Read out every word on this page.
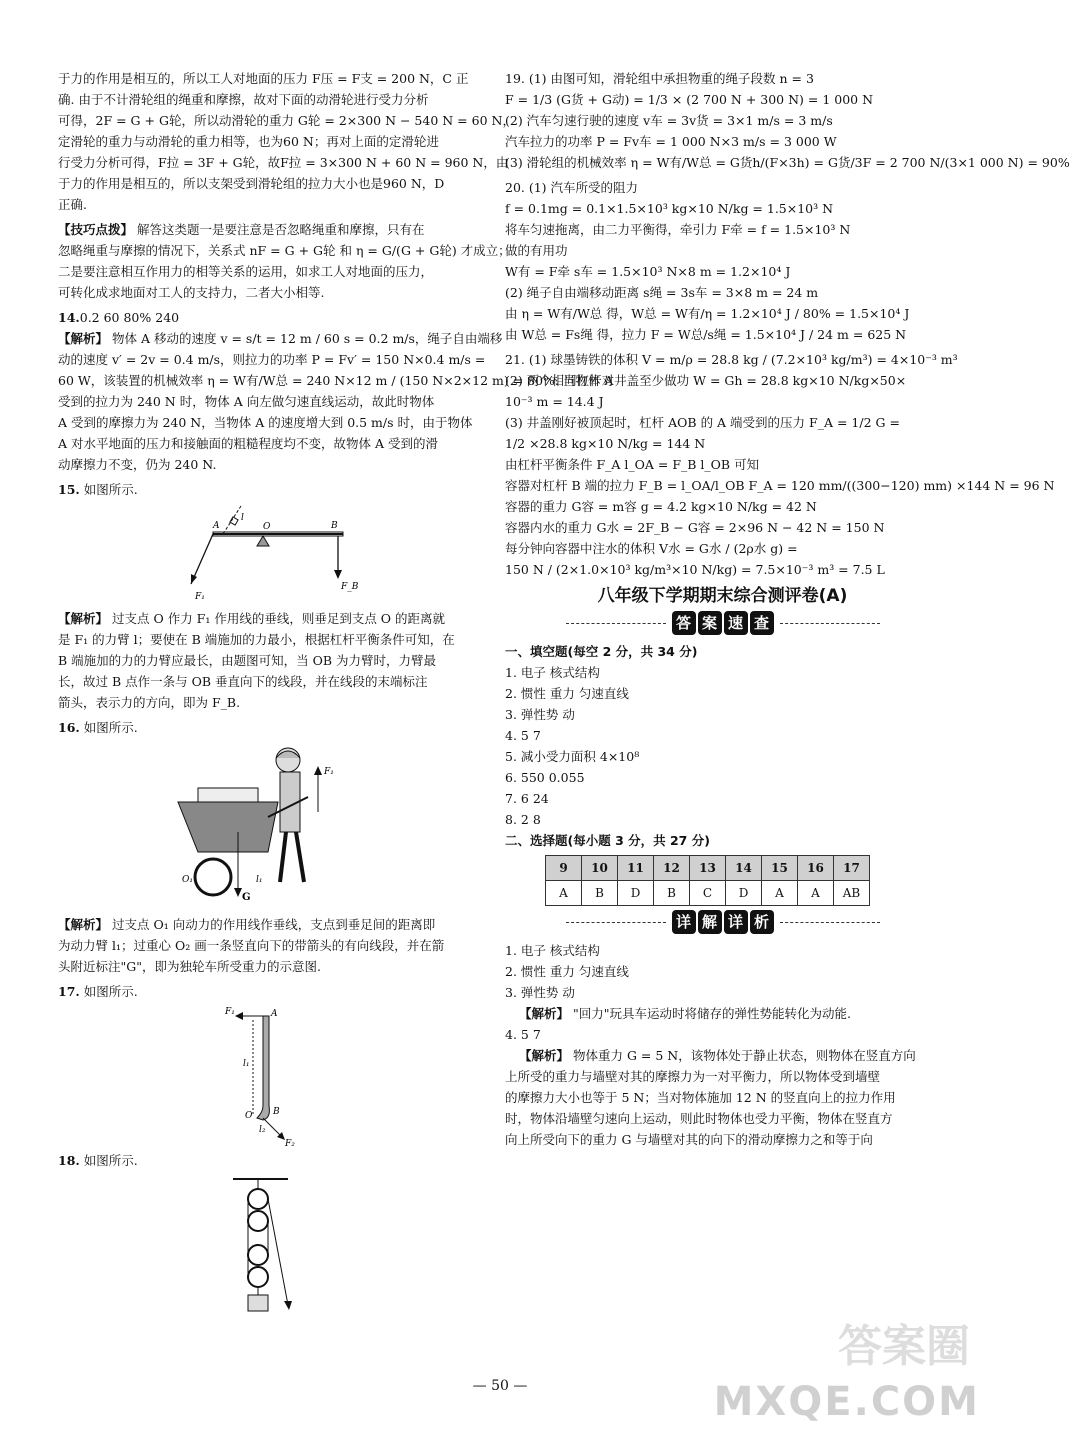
于力的作用是相互的，所以工人对地面的压力 F压 = F支 = 200 N，C 正
确. 由于不计滑轮组的绳重和摩擦，故对下面的动滑轮进行受力分析
可得，2F = G + G轮，所以动滑轮的重力 G轮 = 2×300 N − 540 N = 60 N，
定滑轮的重力与动滑轮的重力相等，也为60 N；再对上面的定滑轮进
行受力分析可得，F拉 = 3F + G轮，故F拉 = 3×300 N + 60 N = 960 N，由
于力的作用是相互的，所以支架受到滑轮组的拉力大小也是960 N，D
正确.
【技巧点拨】 解答这类题一是要注意是否忽略绳重和摩擦，只有在
忽略绳重与摩擦的情况下，关系式 nF = G + G轮 和 η = G/(G + G轮) 才成立；
二是要注意相互作用力的相等关系的运用，如求工人对地面的压力，
可转化成求地面对工人的支持力，二者大小相等.
14.0.2 60 80% 240
【解析】 物体 A 移动的速度 v = s/t = 12 m / 60 s = 0.2 m/s，绳子自由端移
动的速度 v′ = 2v = 0.4 m/s，则拉力的功率 P = Fv′ = 150 N×0.4 m/s =
60 W，该装置的机械效率 η = W有/W总 = 240 N×12 m / (150 N×2×12 m) = 80%. 当物体 A
受到的拉力为 240 N 时，物体 A 向左做匀速直线运动，故此时物体
A 受到的摩擦力为 240 N，当物体 A 的速度增大到 0.5 m/s 时，由于物体
A 对水平地面的压力和接触面的粗糙程度均不变，故物体 A 受到的滑
动摩擦力不变，仍为 240 N.
15. 如图所示.
A
l
O	B
F₁
F_B
【解析】 过支点 O 作力 F₁ 作用线的垂线，则垂足到支点 O 的距离就
是 F₁ 的力臂 l；要使在 B 端施加的力最小，根据杠杆平衡条件可知，在
B 端施加的力的力臂应最长，由题图可知，当 OB 为力臂时，力臂最
长，故过 B 点作一条与 OB 垂直向下的线段，并在线段的末端标注
箭头，表示力的方向，即为 F_B.
16. 如图所示.
F₁
G
O₁	l₁
【解析】 过支点 O₁ 向动力的作用线作垂线，支点到垂足间的距离即
为动力臂 l₁；过重心 O₂ 画一条竖直向下的带箭头的有向线段，并在箭
头附近标注"G"，即为独轮车所受重力的示意图.
17. 如图所示.
F₁	A
l₁
O B
l₂
F₂
18. 如图所示.
19. (1) 由图可知，滑轮组中承担物重的绳子段数 n = 3
F = 1/3 (G货 + G动) = 1/3 × (2 700 N + 300 N) = 1 000 N
(2) 汽车匀速行驶的速度 v车 = 3v货 = 3×1 m/s = 3 m/s
汽车拉力的功率 P = Fv车 = 1 000 N×3 m/s = 3 000 W
(3) 滑轮组的机械效率 η = W有/W总 = G货h/(F×3h) = G货/3F = 2 700 N/(3×1 000 N) = 90%
20. (1) 汽车所受的阻力
f = 0.1mg = 0.1×1.5×10³ kg×10 N/kg = 1.5×10³ N
将车匀速拖离，由二力平衡得，牵引力 F牵 = f = 1.5×10³ N
做的有用功
W有 = F牵 s车 = 1.5×10³ N×8 m = 1.2×10⁴ J
(2) 绳子自由端移动距离 s绳 = 3s车 = 3×8 m = 24 m
由 η = W有/W总 得，W总 = W有/η = 1.2×10⁴ J / 80% = 1.5×10⁴ J
由 W总 = Fs绳 得，拉力 F = W总/s绳 = 1.5×10⁴ J / 24 m = 625 N
21. (1) 球墨铸铁的体积 V = m/ρ = 28.8 kg / (7.2×10³ kg/m³) = 4×10⁻³ m³
(2) 两个相同杠杆对井盖至少做功 W = Gh = 28.8 kg×10 N/kg×50×
10⁻³ m = 14.4 J
(3) 井盖刚好被顶起时，杠杆 AOB 的 A 端受到的压力 F_A = 1/2 G =
1/2 ×28.8 kg×10 N/kg = 144 N
由杠杆平衡条件 F_A l_OA = F_B l_OB 可知
容器对杠杆 B 端的拉力 F_B = l_OA/l_OB F_A = 120 mm/((300−120) mm) ×144 N = 96 N
容器的重力 G容 = m容 g = 4.2 kg×10 N/kg = 42 N
容器内水的重力 G水 = 2F_B − G容 = 2×96 N − 42 N = 150 N
每分钟向容器中注水的体积 V水 = G水 / (2ρ水 g) =
150 N / (2×1.0×10³ kg/m³×10 N/kg) = 7.5×10⁻³ m³ = 7.5 L
八年级下学期期末综合测评卷(A)
答 案 速 查
一、填空题(每空 2 分，共 34 分)
1. 电子 核式结构
2. 惯性 重力 匀速直线
3. 弹性势 动
4. 5 7
5. 减小受力面积 4×10⁸
6. 550 0.055
7. 6 24
8. 2 8
二、选择题(每小题 3 分，共 27 分)
9	10	11	12	13	14	15	16	17
A	B	D	B	C	D	A	A	AB
详 解 详 析
1. 电子 核式结构
2. 惯性 重力 匀速直线
3. 弹性势 动
【解析】 "回力"玩具车运动时将储存的弹性势能转化为动能.
4. 5 7
【解析】 物体重力 G = 5 N，该物体处于静止状态，则物体在竖直方向
上所受的重力与墙壁对其的摩擦力为一对平衡力，所以物体受到墙壁
的摩擦力大小也等于 5 N；当对物体施加 12 N 的竖直向上的拉力作用
时，物体沿墙壁匀速向上运动，则此时物体也受力平衡，物体在竖直方
向上所受向下的重力 G 与墙壁对其的向下的滑动摩擦力之和等于向
— 50 —
答案圈
MXQE.COM
